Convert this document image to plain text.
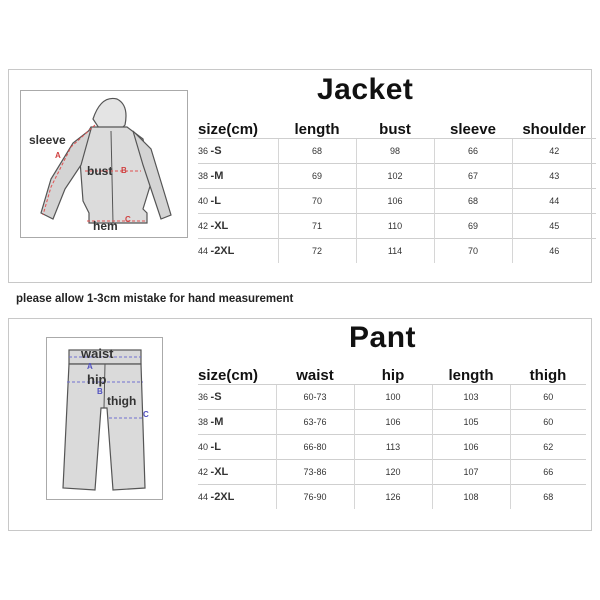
Jacket
sleeve
A
bust B
hem C
size(cm)	length	bust	sleeve	shoulder
36 -S	68	98	66	42
38 -M	69	102	67	43
40 -L	70	106	68	44
42 -XL	71	110	69	45
44 -2XL	72	114	70	46
please allow 1-3cm mistake for hand measurement
Pant
waist
A
hip
B
thigh
C
size(cm)	waist	hip	length	thigh
36 -S	60-73	100	103	60
38 -M	63-76	106	105	60
40 -L	66-80	113	106	62
42 -XL	73-86	120	107	66
44 -2XL	76-90	126	108	68
